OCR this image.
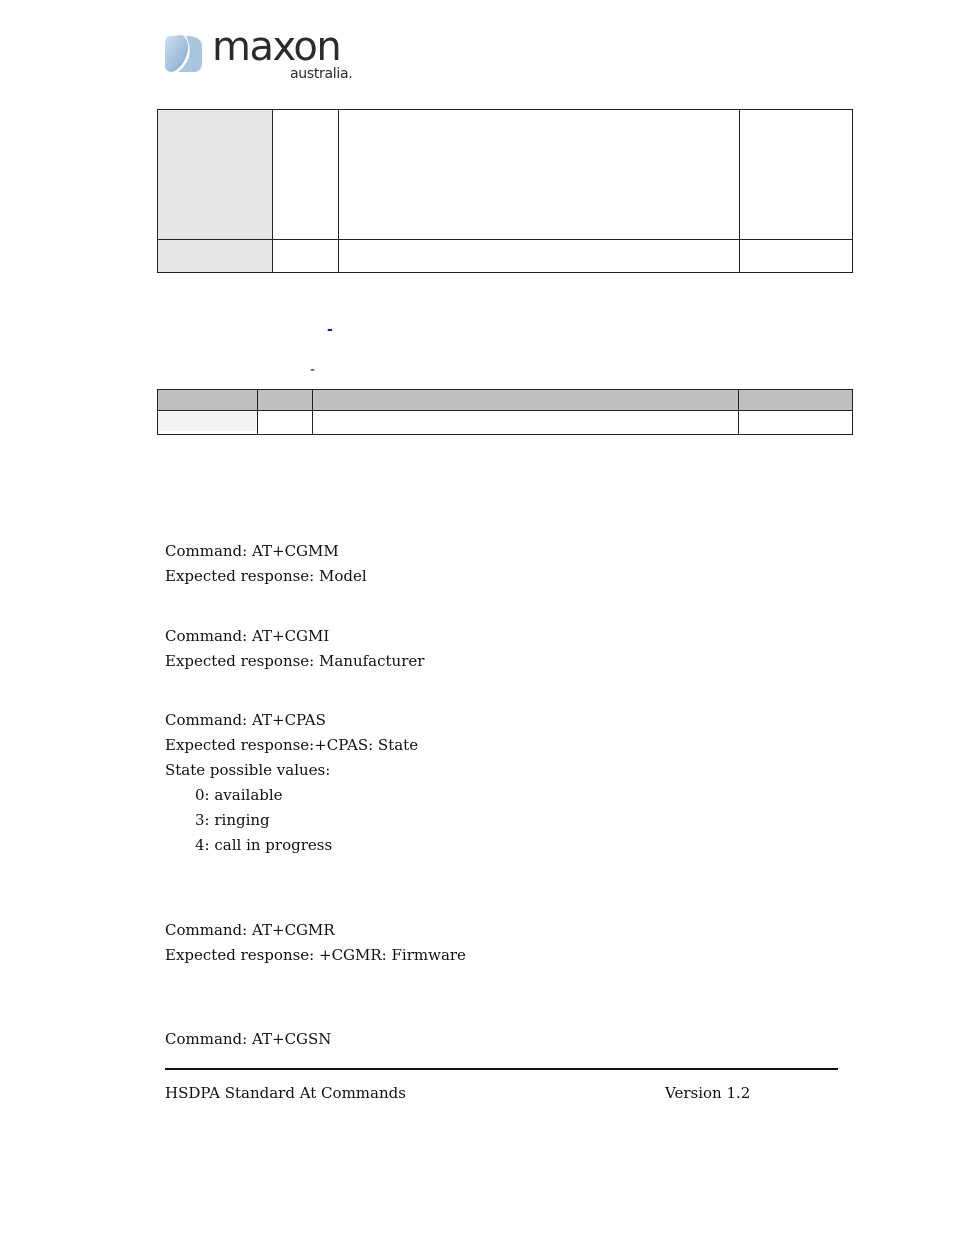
maxon
australia.

-
-

Command: AT+CGMM
Expected response: Model
Command: AT+CGMI
Expected response: Manufacturer
Command: AT+CPAS
Expected response:+CPAS: State
State possible values:
0: available
3: ringing
4: call in progress
Command: AT+CGMR
Expected response: +CGMR: Firmware
Command: AT+CGSN
HSDPA Standard At Commands	Version 1.2
